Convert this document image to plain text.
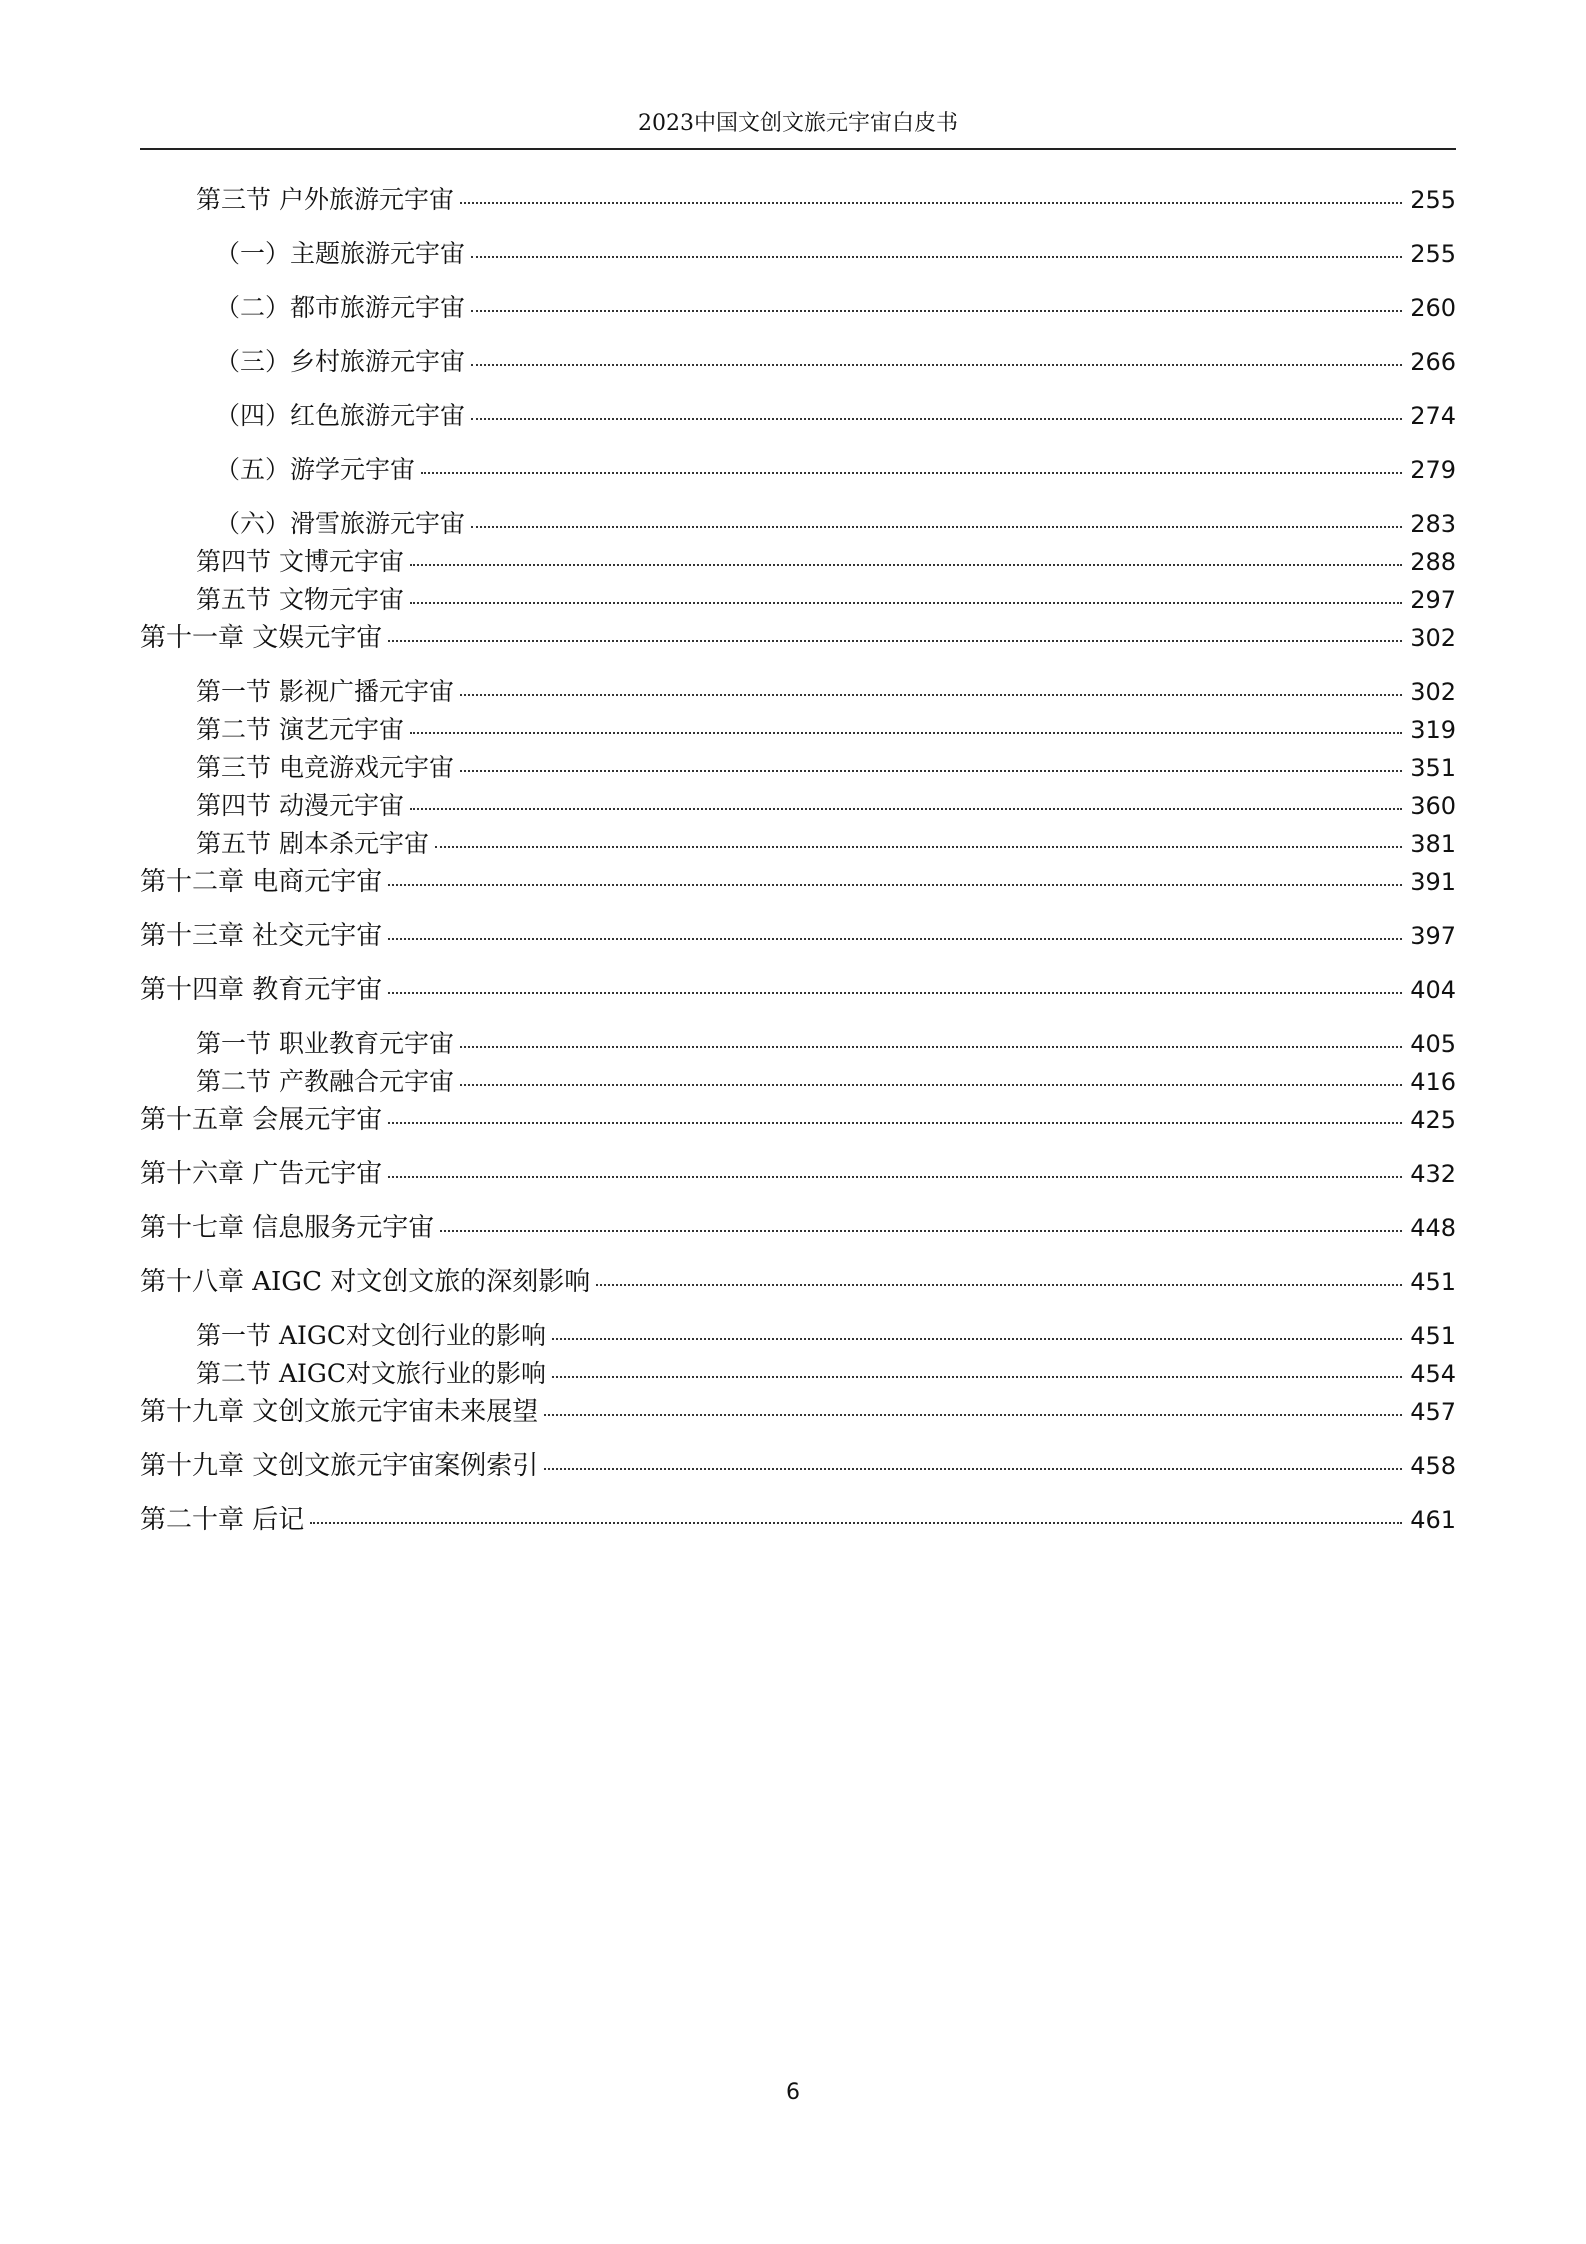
2023中国文创文旅元宇宙白皮书
第三节 户外旅游元宇宙	255
（一）主题旅游元宇宙	255
（二）都市旅游元宇宙	260
（三）乡村旅游元宇宙	266
（四）红色旅游元宇宙	274
（五）游学元宇宙	279
（六）滑雪旅游元宇宙	283
第四节 文博元宇宙	288
第五节 文物元宇宙	297
第十一章 文娱元宇宙	302
第一节 影视广播元宇宙	302
第二节 演艺元宇宙	319
第三节 电竞游戏元宇宙	351
第四节 动漫元宇宙	360
第五节 剧本杀元宇宙	381
第十二章 电商元宇宙	391
第十三章 社交元宇宙	397
第十四章 教育元宇宙	404
第一节 职业教育元宇宙	405
第二节 产教融合元宇宙	416
第十五章 会展元宇宙	425
第十六章 广告元宇宙	432
第十七章 信息服务元宇宙	448
第十八章 AIGC 对文创文旅的深刻影响	451
第一节 AIGC对文创行业的影响	451
第二节 AIGC对文旅行业的影响	454
第十九章 文创文旅元宇宙未来展望	457
第十九章 文创文旅元宇宙案例索引	458
第二十章 后记	461
6
